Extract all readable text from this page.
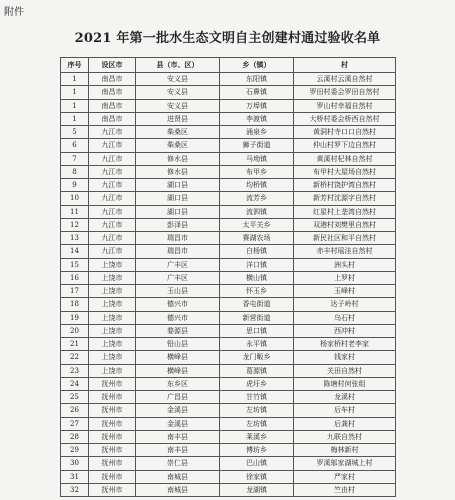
附件
2021 年第一批水生态文明自主创建村通过验收名单
序号	设区市	县（市、区）	乡（镇）	村
1	南昌市	安义县	东阳镇	云溪村云溪自然村
1	南昌市	安义县	石鼻镇	罗田村委会罗田自然村
1	南昌市	安义县	万埠镇	罗山村幸福自然村
1	南昌市	进贤县	李渡镇	大桥村委会桥西自然村
5	九江市	柴桑区	涌泉乡	黄洞村寺口口自然村
6	九江市	柴桑区	狮子街道	仲山村罗下边自然村
7	九江市	修水县	马坳镇	黄溪村杞林自然村
8	九江市	修水县	布甲乡	布甲村大屋场自然村
9	九江市	湖口县	均桥镇	新桥村饶护湾自然村
10	九江市	湖口县	流芳乡	新芳村沈源字自然村
11	九江市	湖口县	流泗镇	红星村上垄湾自然村
12	九江市	彭泽县	太平关乡	双港村刘樊里自然村
13	九江市	瑞昌市	赛湖农场	新民社区和平自然村
14	九江市	瑞昌市	白杨镇	赤丰村瑶洼自然村
15	上饶市	广丰区	洋口镇	洲头村
16	上饶市	广丰区	横山镇	上罗村
17	上饶市	玉山县	怀玉乡	玉峰村
18	上饶市	德兴市	香屯街道	达子岭村
19	上饶市	德兴市	新营街道	乌石村
20	上饶市	婺源县	思口镇	西冲村
21	上饶市	铅山县	永平镇	杨家桥村老李家
22	上饶市	横峰县	龙门畈乡	钱家村
23	上饶市	横峰县	葛源镇	关田自然村
24	抚州市	东乡区	虎圩乡	陈塘村何张组
25	抚州市	广昌县	甘竹镇	龙溪村
26	抚州市	金溪县	左坊镇	后车村
27	抚州市	金溪县	左坊镇	后龚村
28	抚州市	南丰县	莱溪乡	九联自然村
29	抚州市	南丰县	傅坊乡	梅林新村
30	抚州市	崇仁县	巴山镇	罗溪邬家湖城上村
31	抚州市	南城县	徐家镇	严家村
32	抚州市	南城县	龙湖镇	竺由村
